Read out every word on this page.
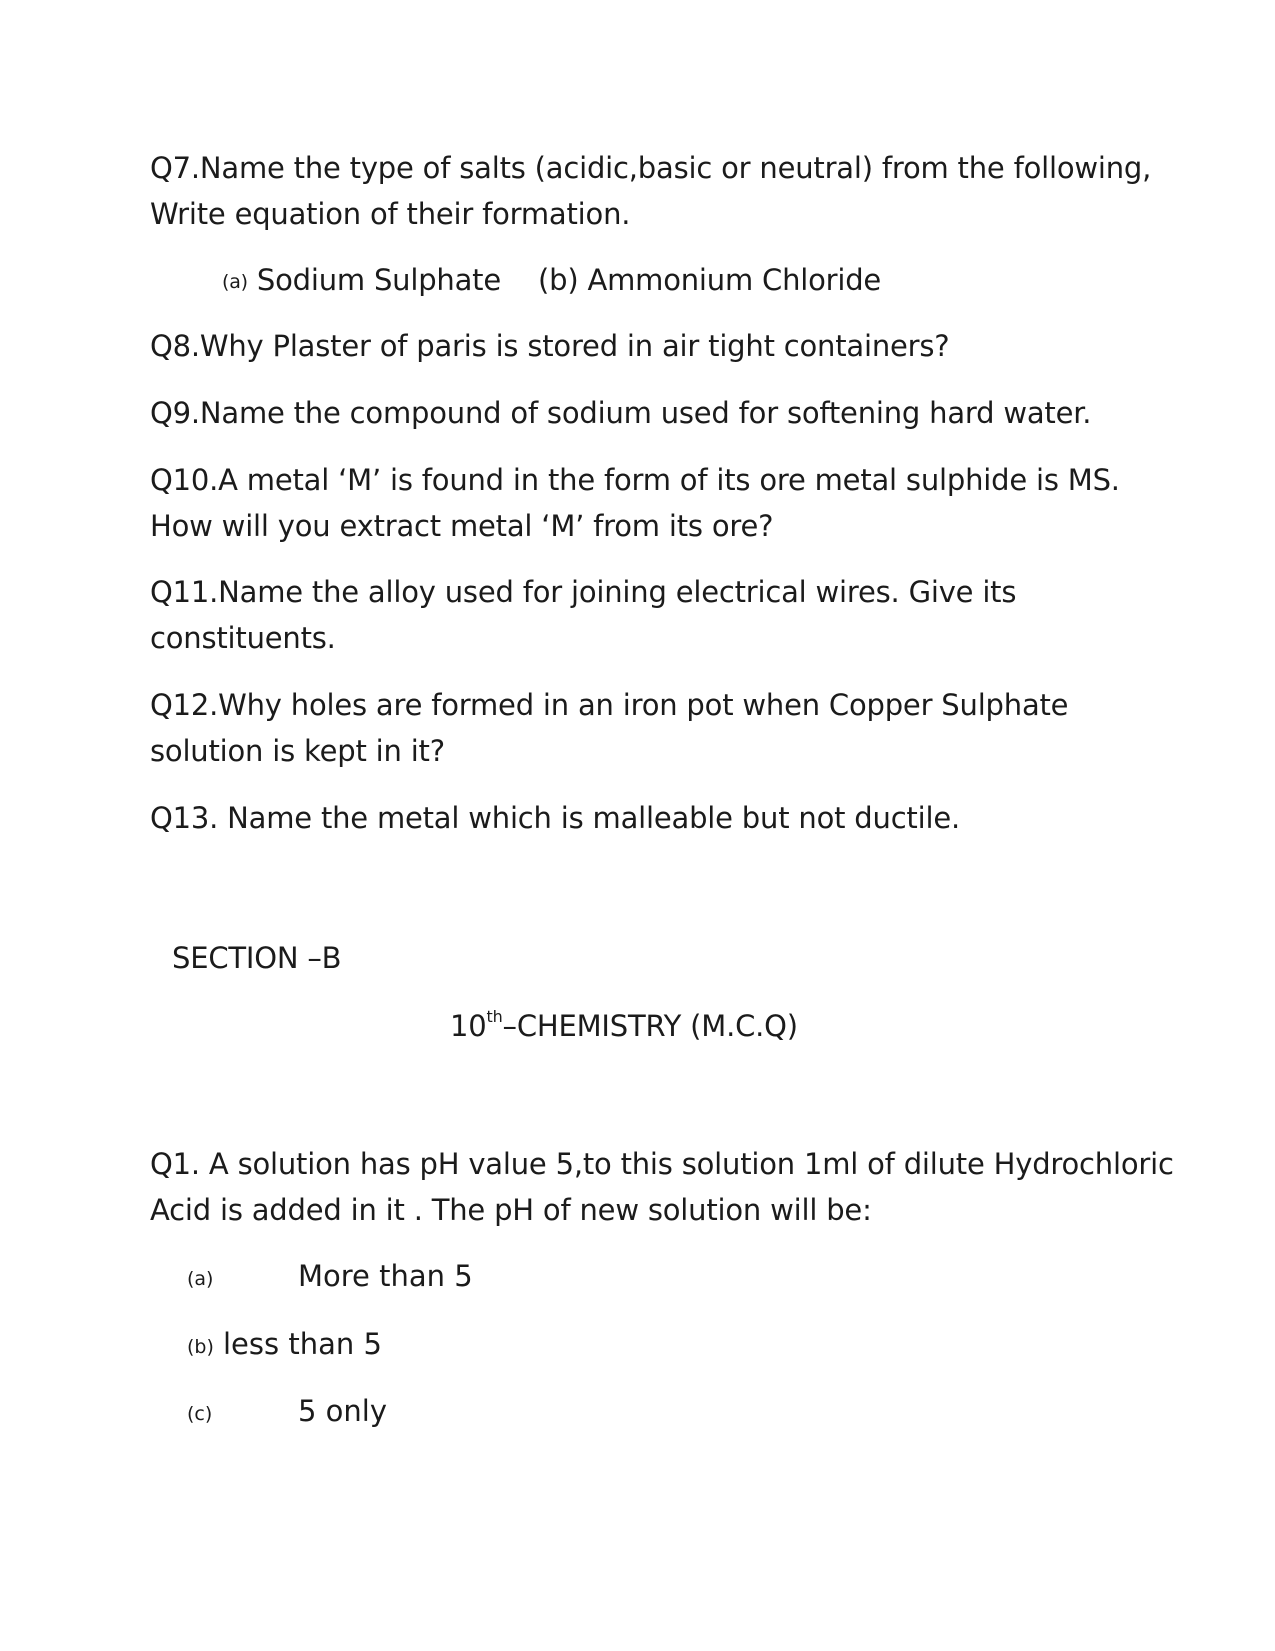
Q7.Name the type of salts (acidic,basic or neutral) from the following,
Write equation of their formation.
(a) Sodium Sulphate (b) Ammonium Chloride
Q8.Why Plaster of paris is stored in air tight containers?
Q9.Name the compound of sodium used for softening hard water.
Q10.A metal ‘M’ is found in the form of its ore metal sulphide is MS.
How will you extract metal ‘M’ from its ore?
Q11.Name the alloy used for joining electrical wires. Give its
constituents.
Q12.Why holes are formed in an iron pot when Copper Sulphate
solution is kept in it?
Q13. Name the metal which is malleable but not ductile.
SECTION –B
10th–CHEMISTRY (M.C.Q)
Q1. A solution has pH value 5,to this solution 1ml of dilute Hydrochloric
Acid is added in it . The pH of new solution will be:
(a)	More than 5
(b) less than 5
(c)	5 only
